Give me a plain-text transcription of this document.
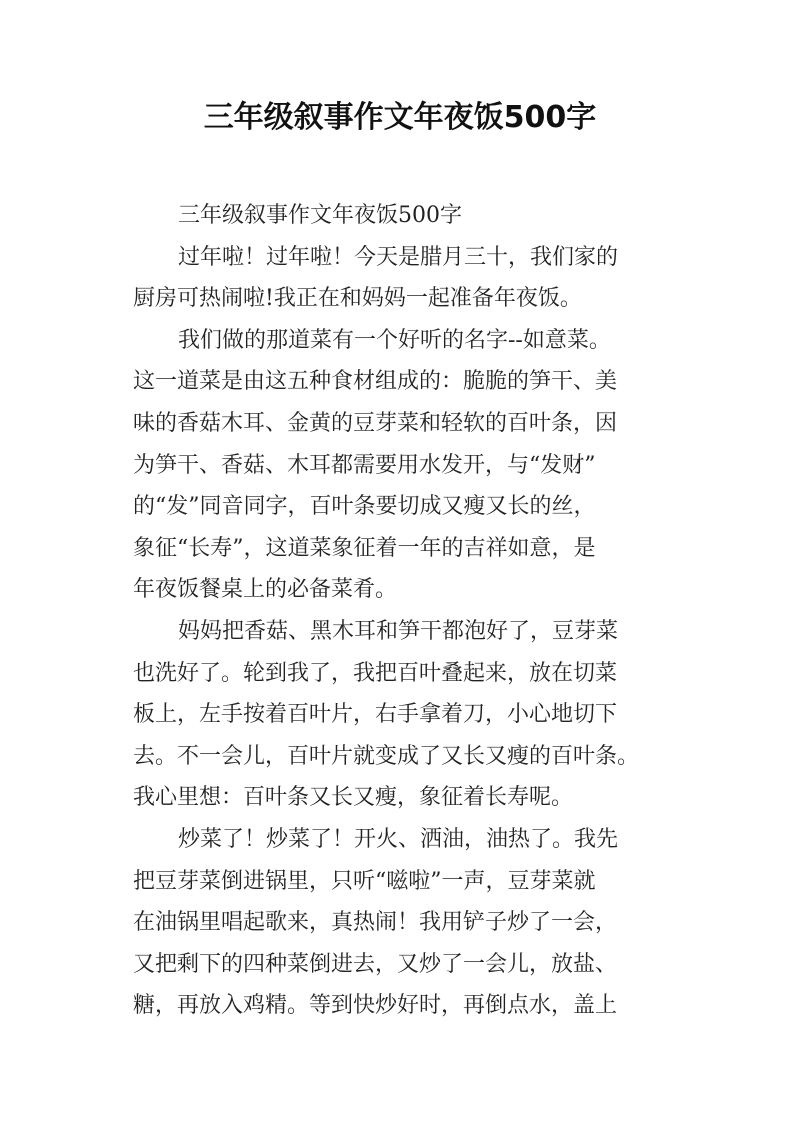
三年级叙事作文年夜饭500字
三年级叙事作文年夜饭500字
过年啦！过年啦！今天是腊月三十，我们家的
厨房可热闹啦!我正在和妈妈一起准备年夜饭。
我们做的那道菜有一个好听的名字--如意菜。
这一道菜是由这五种食材组成的：脆脆的笋干、美
味的香菇木耳、金黄的豆芽菜和轻软的百叶条，因
为笋干、香菇、木耳都需要用水发开，与“发财”
的“发”同音同字，百叶条要切成又瘦又长的丝，
象征“长寿”，这道菜象征着一年的吉祥如意，是
年夜饭餐桌上的必备菜肴。
妈妈把香菇、黑木耳和笋干都泡好了，豆芽菜
也洗好了。轮到我了，我把百叶叠起来，放在切菜
板上，左手按着百叶片，右手拿着刀，小心地切下
去。不一会儿，百叶片就变成了又长又瘦的百叶条。
我心里想：百叶条又长又瘦，象征着长寿呢。
炒菜了！炒菜了！开火、洒油，油热了。我先
把豆芽菜倒进锅里，只听“嗞啦”一声，豆芽菜就
在油锅里唱起歌来，真热闹！我用铲子炒了一会，
又把剩下的四种菜倒进去，又炒了一会儿，放盐、
糖，再放入鸡精。等到快炒好时，再倒点水，盖上
